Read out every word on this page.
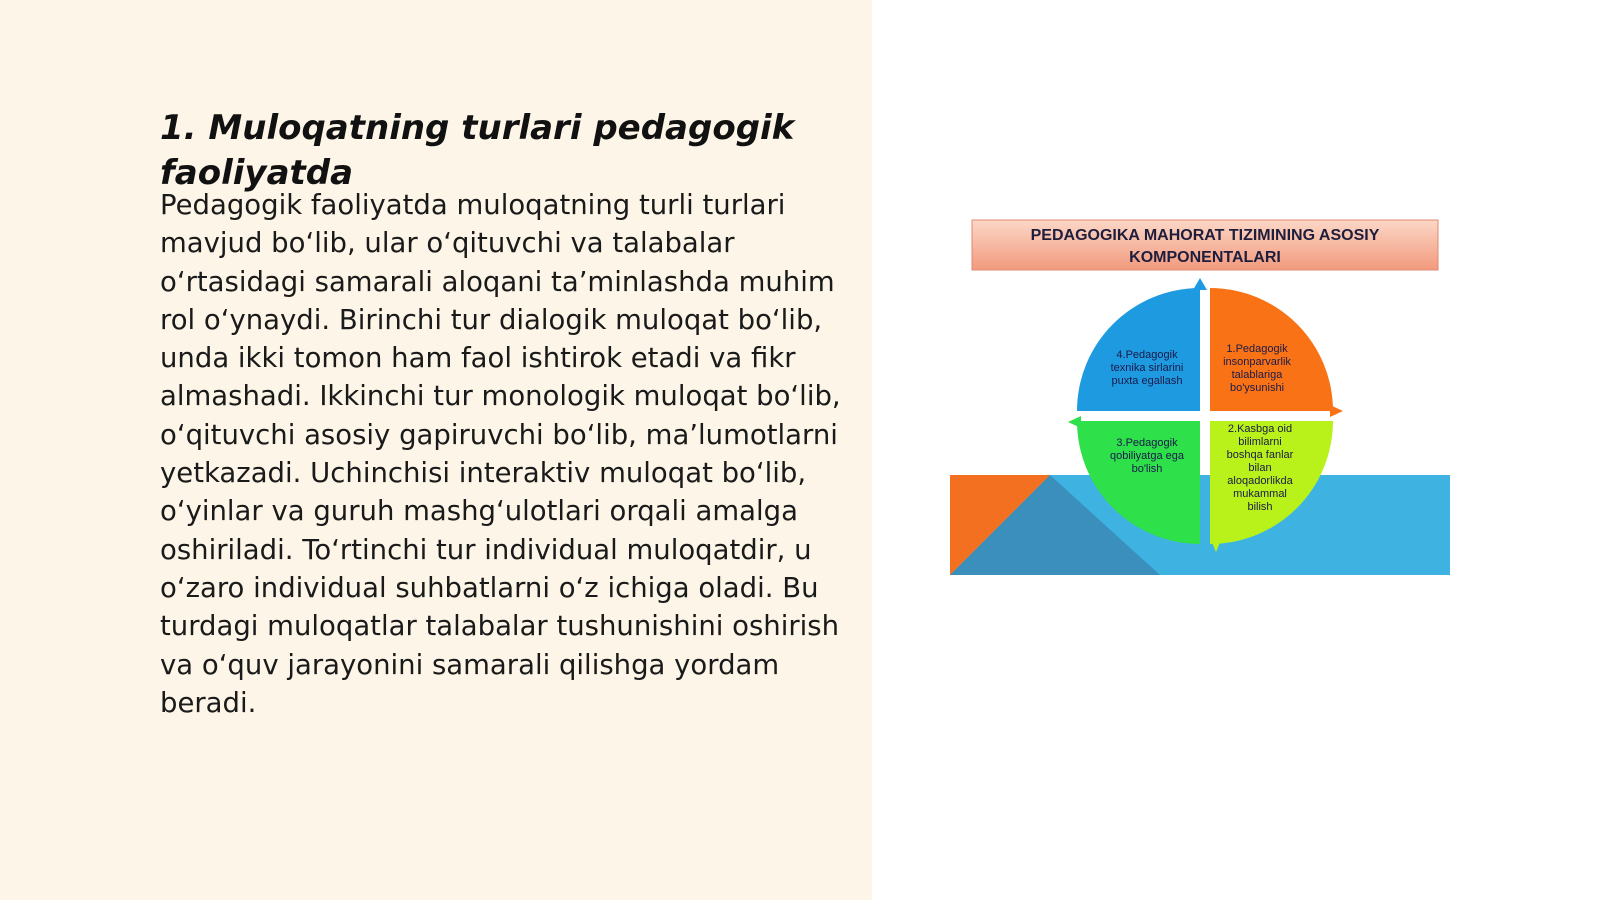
1. Muloqatning turlari pedagogik faoliyatda

Pedagogik faoliyatda muloqatning turli turlari mavjud bo‘lib, ular o‘qituvchi va talabalar o‘rtasidagi samarali aloqani ta’minlashda muhim rol o‘ynaydi. Birinchi tur dialogik muloqat bo‘lib, unda ikki tomon ham faol ishtirok etadi va fikr almashadi. Ikkinchi tur monologik muloqat bo‘lib, o‘qituvchi asosiy gapiruvchi bo‘lib, ma’lumotlarni yetkazadi. Uchinchisi interaktiv muloqat bo‘lib, o‘yinlar va guruh mashg‘ulotlari orqali amalga oshiriladi. To‘rtinchi tur individual muloqatdir, u o‘zaro individual suhbatlarni o‘z ichiga oladi. Bu turdagi muloqatlar talabalar tushunishini oshirish va o‘quv jarayonini samarali qilishga yordam beradi.

PEDAGOGIKA MAHORAT TIZIMINING ASOSIY
KOMPONENTALARI
4.Pedagogik
texnika sirlarini
puxta egallash
1.Pedagogik
insonparvarlik
talablariga
bo'ysunishi
3.Pedagogik
qobiliyatga ega
bo'lish
2.Kasbga oid
bilimlarni
boshqa fanlar
bilan
aloqadorlikda
mukammal
bilish
